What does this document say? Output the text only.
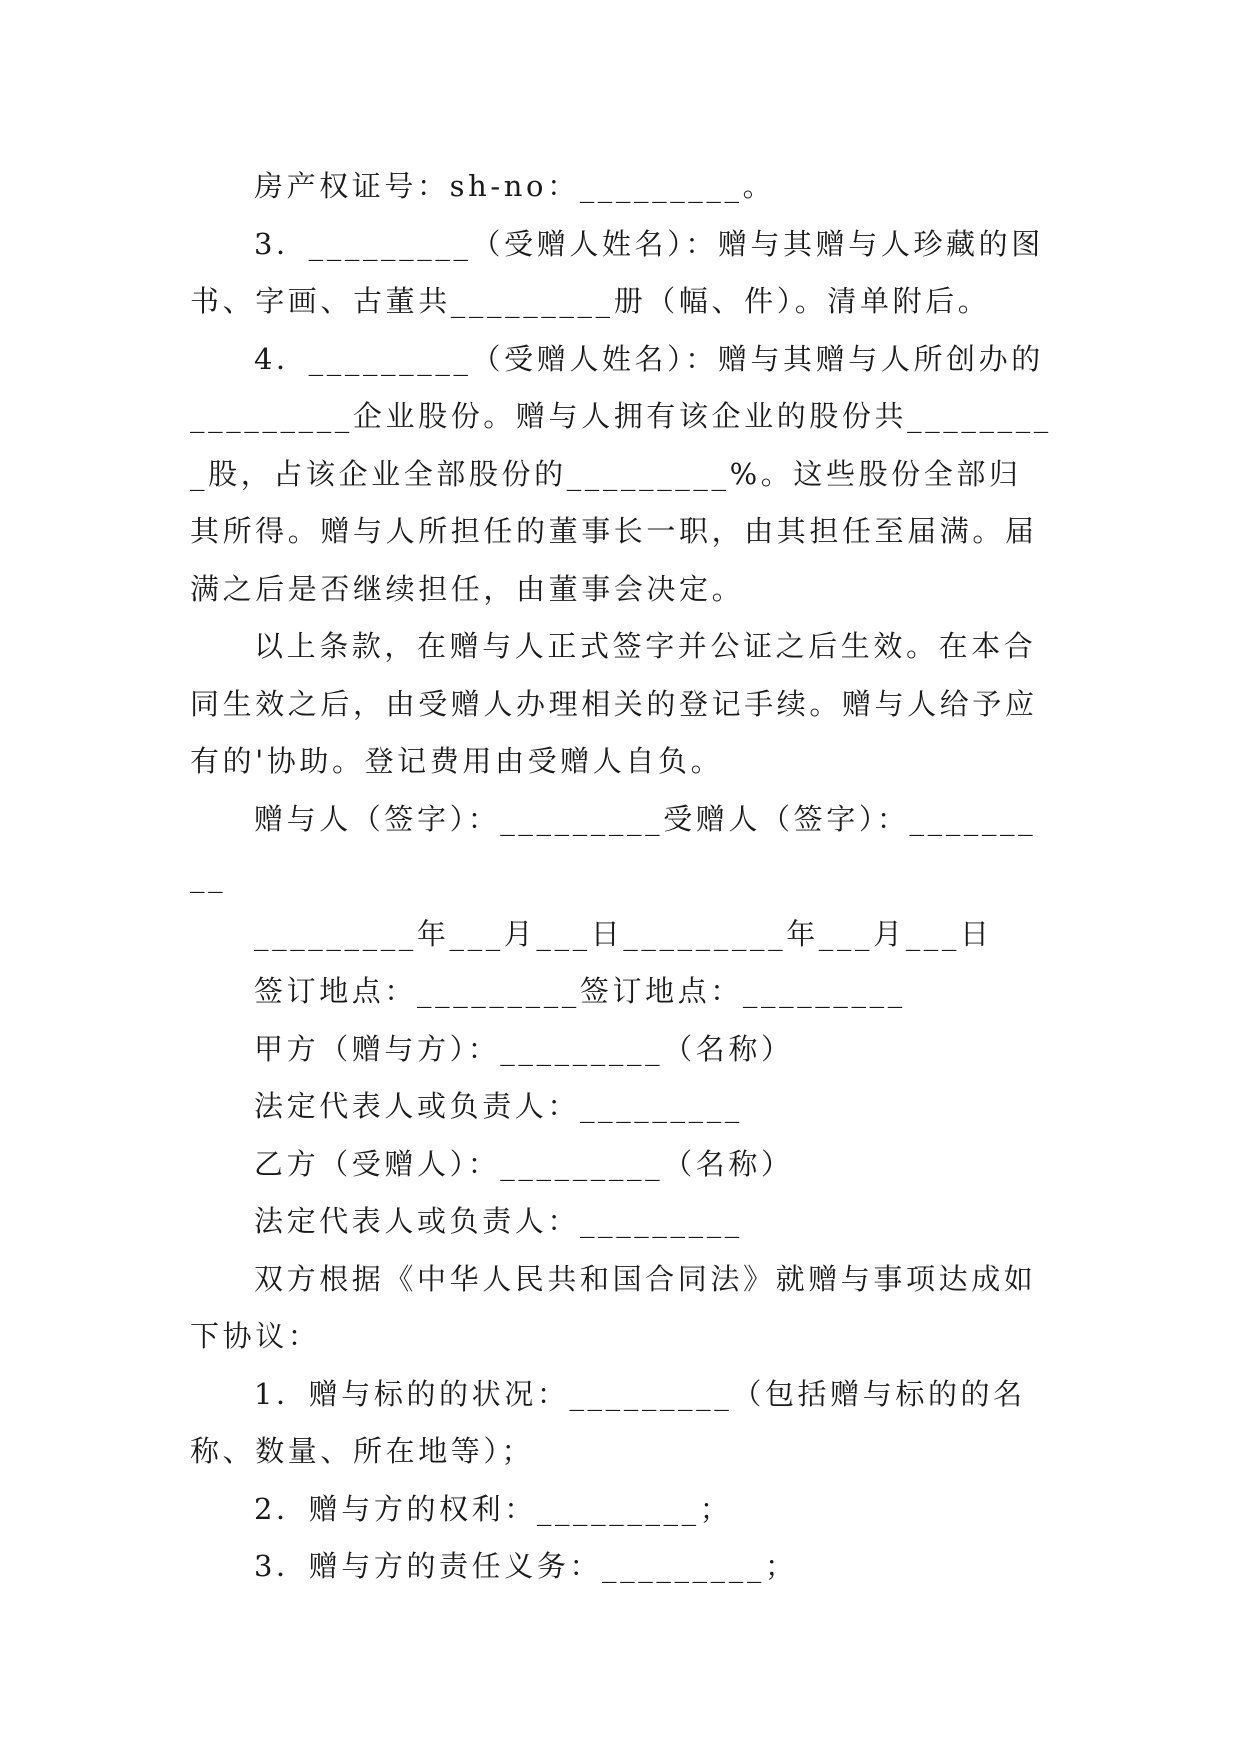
房产权证号：sh-no：_________。

3．_________（受赠人姓名）：赠与其赠与人珍藏的图书、字画、古董共_________册（幅、件）。清单附后。

4．_________（受赠人姓名）：赠与其赠与人所创办的_________企业股份。赠与人拥有该企业的股份共_________股，占该企业全部股份的_________%。这些股份全部归其所得。赠与人所担任的董事长一职，由其担任至届满。届满之后是否继续担任，由董事会决定。

以上条款，在赠与人正式签字并公证之后生效。在本合同生效之后，由受赠人办理相关的登记手续。赠与人给予应有的'协助。登记费用由受赠人自负。

赠与人（签字）：_________受赠人（签字）：_________

_________年___月___日_________年___月___日

签订地点：_________签订地点：_________

甲方（赠与方）：_________（名称）

法定代表人或负责人：_________

乙方（受赠人）：_________（名称）

法定代表人或负责人：_________

双方根据《中华人民共和国合同法》就赠与事项达成如下协议：

1．赠与标的的状况：_________（包括赠与标的的名称、数量、所在地等）；

2．赠与方的权利：_________；

3．赠与方的责任义务：_________；
